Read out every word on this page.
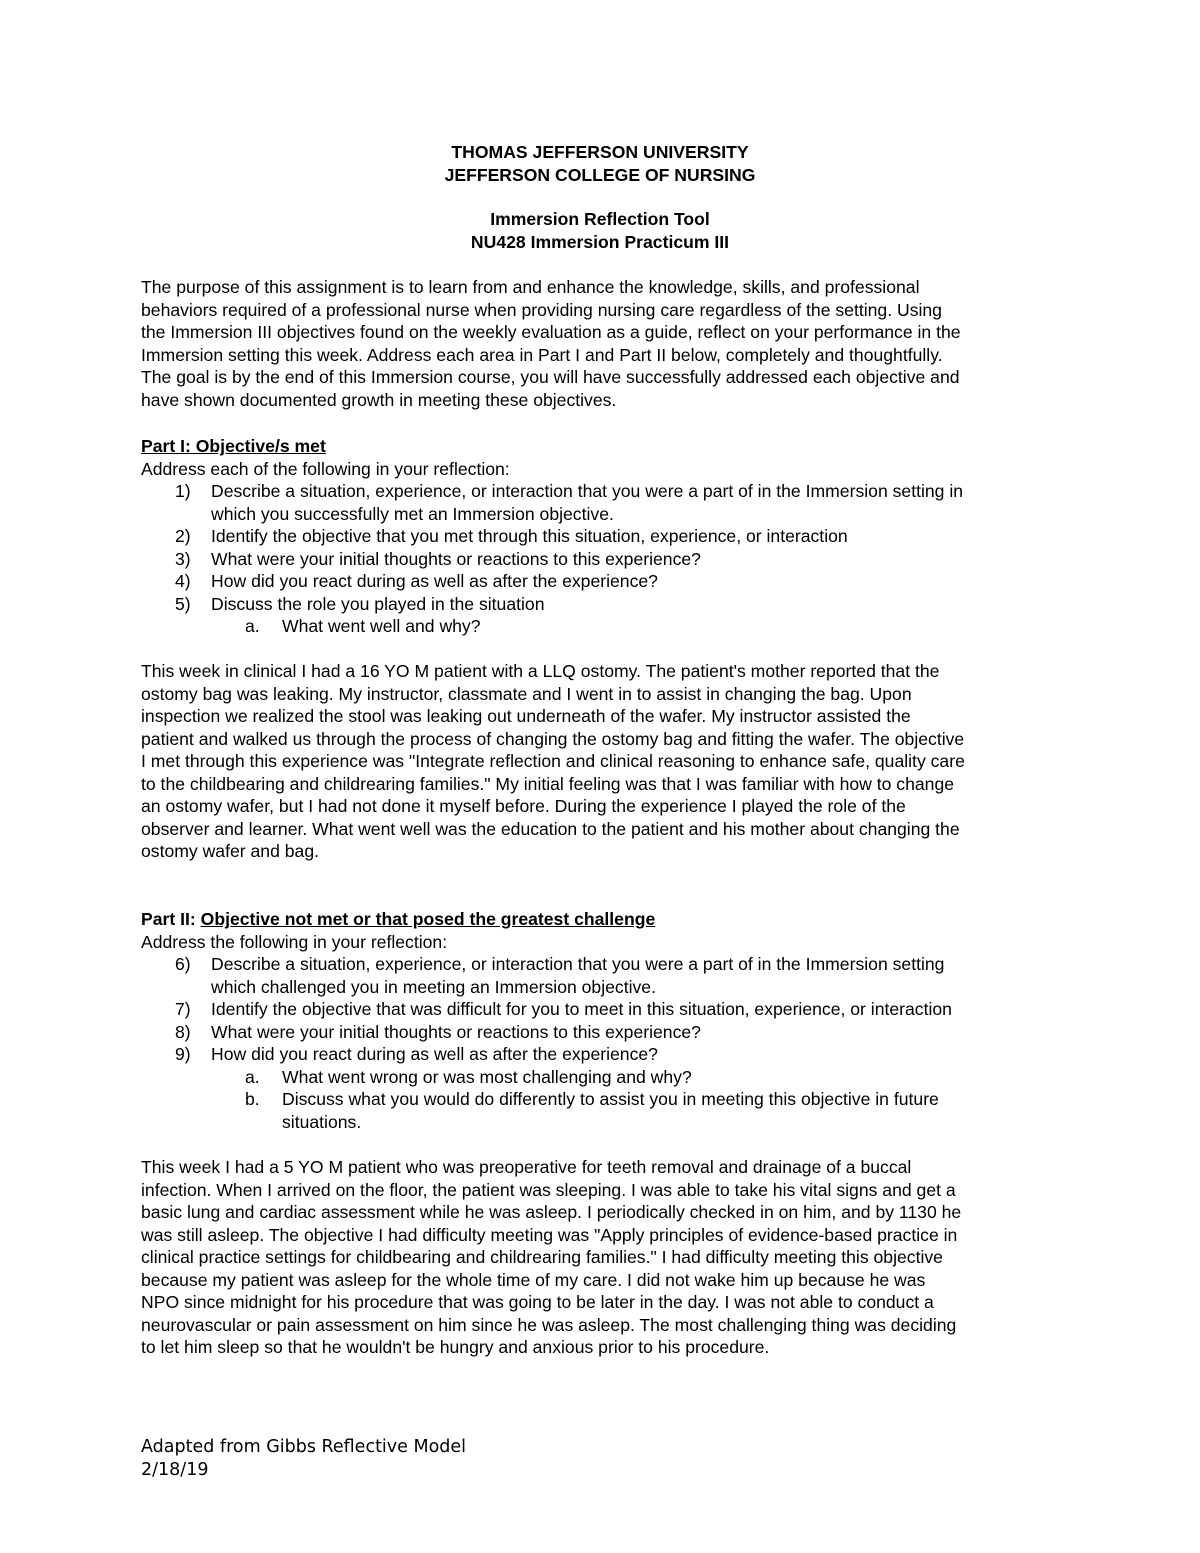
THOMAS JEFFERSON UNIVERSITY

JEFFERSON COLLEGE OF NURSING

Immersion Reflection Tool

NU428 Immersion Practicum III

The purpose of this assignment is to learn from and enhance the knowledge, skills, and professional

behaviors required of a professional nurse when providing nursing care regardless of the setting. Using

the Immersion III objectives found on the weekly evaluation as a guide, reflect on your performance in the

Immersion setting this week. Address each area in Part I and Part II below, completely and thoughtfully.

The goal is by the end of this Immersion course, you will have successfully addressed each objective and

have shown documented growth in meeting these objectives.

Part I: Objective/s met

Address each of the following in your reflection:

1) Describe a situation, experience, or interaction that you were a part of in the Immersion setting in

which you successfully met an Immersion objective.

2) Identify the objective that you met through this situation, experience, or interaction

3) What were your initial thoughts or reactions to this experience?

4) How did you react during as well as after the experience?

5) Discuss the role you played in the situation

a. What went well and why?

This week in clinical I had a 16 YO M patient with a LLQ ostomy. The patient's mother reported that the

ostomy bag was leaking. My instructor, classmate and I went in to assist in changing the bag. Upon

inspection we realized the stool was leaking out underneath of the wafer. My instructor assisted the

patient and walked us through the process of changing the ostomy bag and fitting the wafer. The objective

I met through this experience was "Integrate reflection and clinical reasoning to enhance safe, quality care

to the childbearing and childrearing families." My initial feeling was that I was familiar with how to change

an ostomy wafer, but I had not done it myself before. During the experience I played the role of the

observer and learner. What went well was the education to the patient and his mother about changing the

ostomy wafer and bag.

Part II: Objective not met or that posed the greatest challenge

Address the following in your reflection:

6) Describe a situation, experience, or interaction that you were a part of in the Immersion setting

which challenged you in meeting an Immersion objective.

7) Identify the objective that was difficult for you to meet in this situation, experience, or interaction

8) What were your initial thoughts or reactions to this experience?

9) How did you react during as well as after the experience?

a. What went wrong or was most challenging and why?

b. Discuss what you would do differently to assist you in meeting this objective in future

situations.

This week I had a 5 YO M patient who was preoperative for teeth removal and drainage of a buccal

infection. When I arrived on the floor, the patient was sleeping. I was able to take his vital signs and get a

basic lung and cardiac assessment while he was asleep. I periodically checked in on him, and by 1130 he

was still asleep. The objective I had difficulty meeting was "Apply principles of evidence-based practice in

clinical practice settings for childbearing and childrearing families." I had difficulty meeting this objective

because my patient was asleep for the whole time of my care. I did not wake him up because he was

NPO since midnight for his procedure that was going to be later in the day. I was not able to conduct a

neurovascular or pain assessment on him since he was asleep. The most challenging thing was deciding

to let him sleep so that he wouldn't be hungry and anxious prior to his procedure.

Adapted from Gibbs Reflective Model

2/18/19
